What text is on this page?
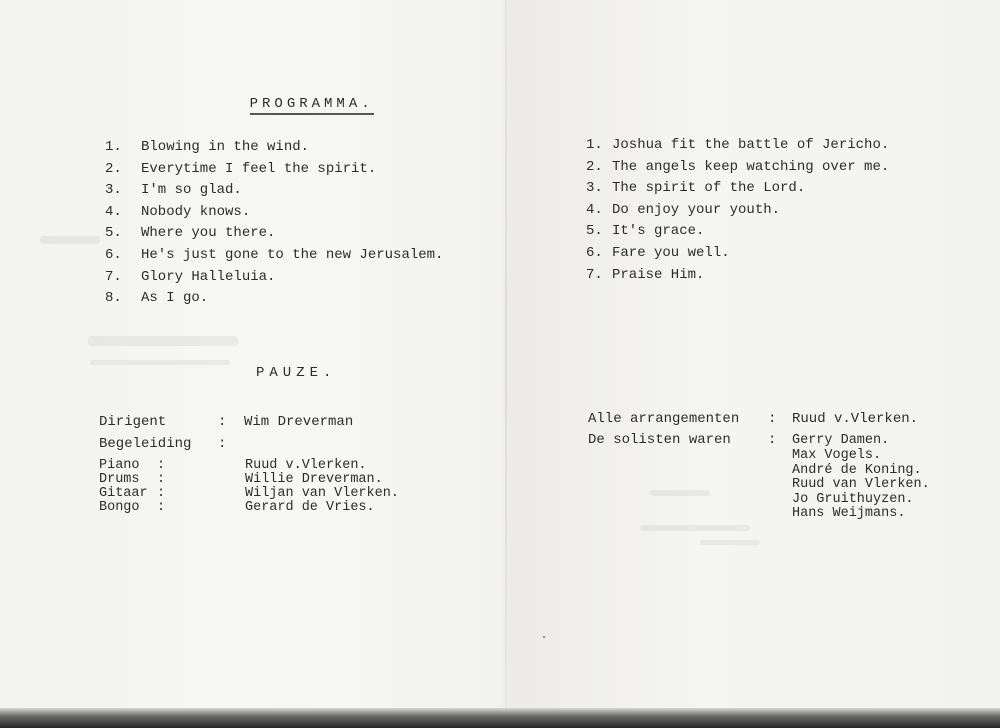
PROGRAMMA.

1. Blowing in the wind.
2. Everytime I feel the spirit.
3. I'm so glad.
4. Nobody knows.
5. Where you there.
6. He's just gone to the new Jerusalem.
7. Glory Halleluia.
8. As I go.
1. Joshua fit the battle of Jericho.
2. The angels keep watching over me.
3. The spirit of the Lord.
4. Do enjoy your youth.
5. It's grace.
6. Fare you well.
7. Praise Him.
PAUZE.
Dirigent	: Wim Dreverman
Begeleiding :
Piano :	Ruud v.Vlerken.
Drums :	Willie Dreverman.
Gitaar :	Wiljan van Vlerken.
Bongo :	Gerard de Vries.
Alle arrangementen : Ruud v.Vlerken.
De solisten waren	: Gerry Damen.
Max Vogels.
André de Koning.
Ruud van Vlerken.
Jo Gruithuyzen.
Hans Weijmans.
